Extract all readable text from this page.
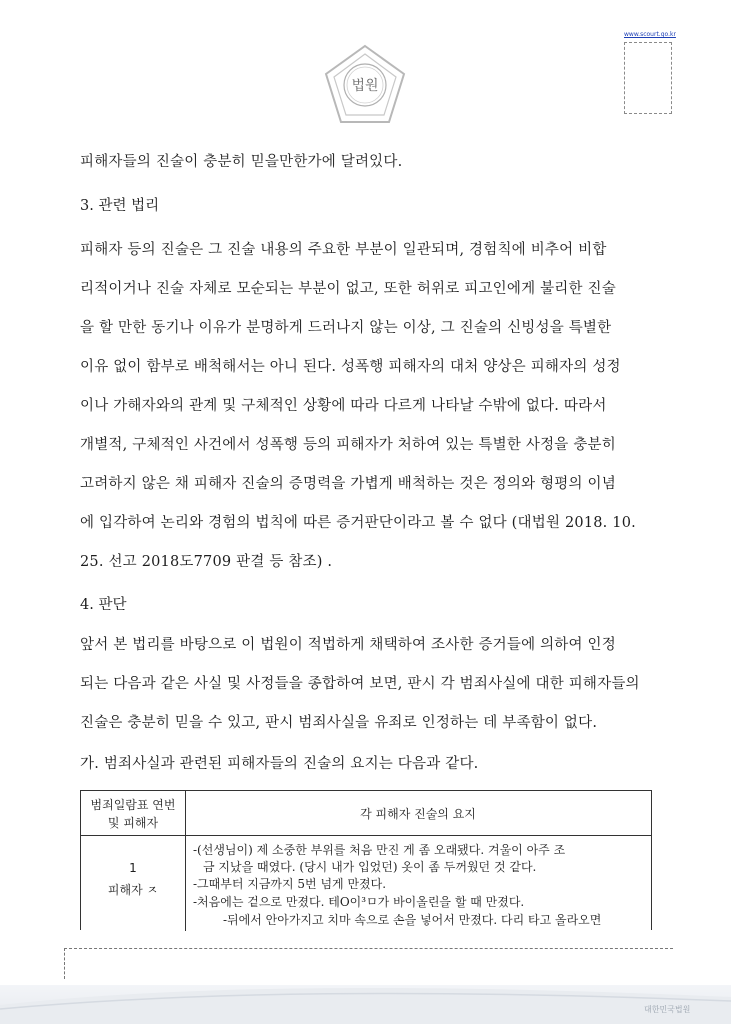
법원
www.scourt.go.kr
피해자들의 진술이 충분히 믿을만한가에 달려있다.
3. 관련 법리
피해자 등의 진술은 그 진술 내용의 주요한 부분이 일관되며, 경험칙에 비추어 비합
리적이거나 진술 자체로 모순되는 부분이 없고, 또한 허위로 피고인에게 불리한 진술
을 할 만한 동기나 이유가 분명하게 드러나지 않는 이상, 그 진술의 신빙성을 특별한
이유 없이 함부로 배척해서는 아니 된다. 성폭행 피해자의 대처 양상은 피해자의 성정
이나 가해자와의 관계 및 구체적인 상황에 따라 다르게 나타날 수밖에 없다. 따라서
개별적, 구체적인 사건에서 성폭행 등의 피해자가 처하여 있는 특별한 사정을 충분히
고려하지 않은 채 피해자 진술의 증명력을 가볍게 배척하는 것은 정의와 형평의 이념
에 입각하여 논리와 경험의 법칙에 따른 증거판단이라고 볼 수 없다 (대법원 2018. 10.
25. 선고 2018도7709 판결 등 참조) .
4. 판단
앞서 본 법리를 바탕으로 이 법원이 적법하게 채택하여 조사한 증거들에 의하여 인정
되는 다음과 같은 사실 및 사정들을 종합하여 보면, 판시 각 범죄사실에 대한 피해자들의
진술은 충분히 믿을 수 있고, 판시 범죄사실을 유죄로 인정하는 데 부족함이 없다.
가. 범죄사실과 관련된 피해자들의 진술의 요지는 다음과 같다.
범죄일람표 연번
및 피해자
각 피해자 진술의 요지
1
피해자 ㅈ
-(선생님이) 제 소중한 부위를 처음 만진 게 좀 오래됐다. 겨울이 아주 조
금 지났을 때였다. (당시 내가 입었던) 옷이 좀 두꺼웠던 것 같다.
-그때부터 지금까지 5번 넘게 만졌다.
-처음에는 겉으로 만졌다. 테O이³ㅁ가 바이올린을 할 때 만졌다.
-뒤에서 안아가지고 치마 속으로 손을 넣어서 만졌다. 다리 타고 올라오면
대한민국법원
